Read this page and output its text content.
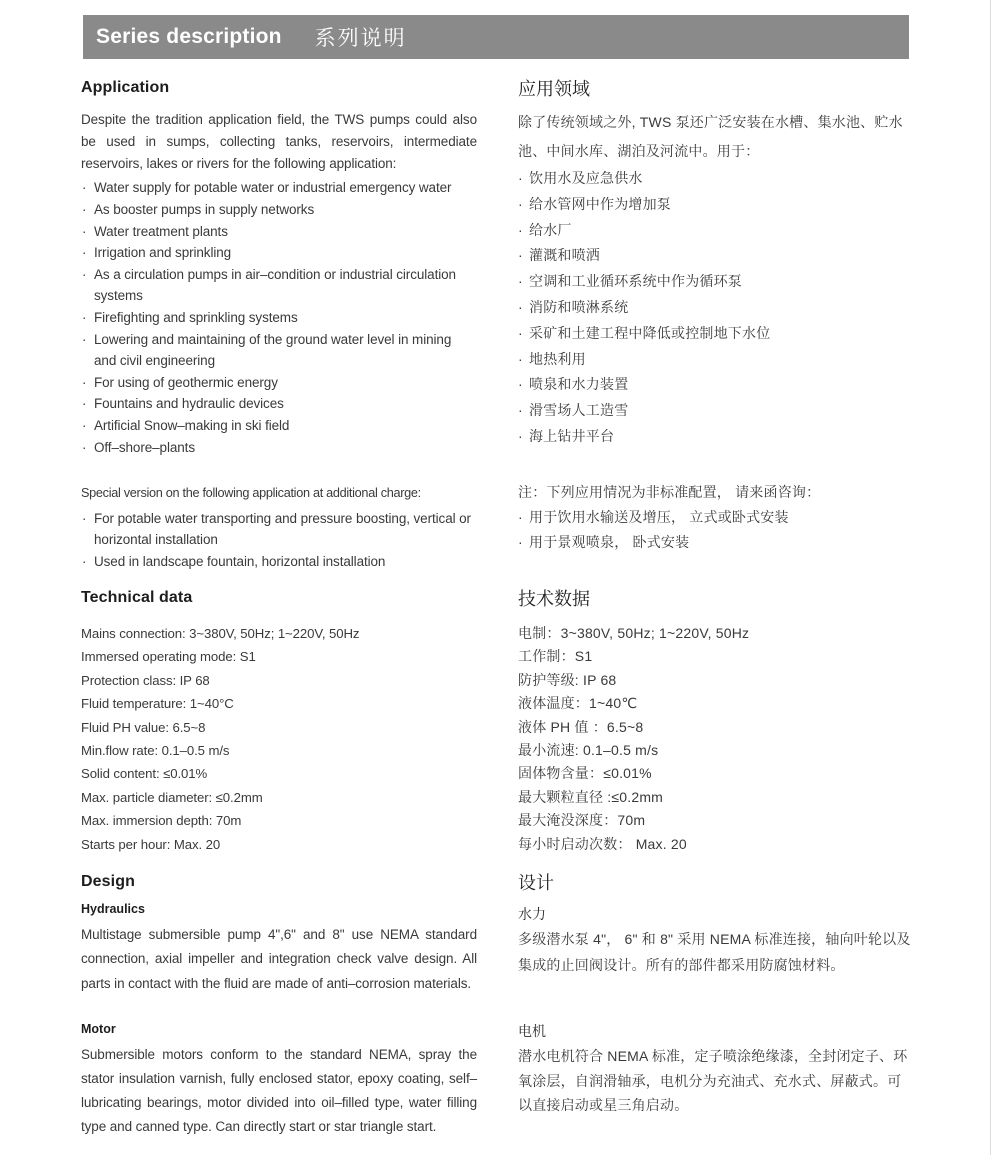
Series description 系列说明
Application

Despite the tradition application field, the TWS pumps could also be used in sumps, collecting tanks, reservoirs, intermediate reservoirs, lakes or rivers for the following application:

· Water supply for potable water or industrial emergency water
· As booster pumps in supply networks
· Water treatment plants
· Irrigation and sprinkling
· As a circulation pumps in air–condition or industrial circulation systems
· Firefighting and sprinkling systems
· Lowering and maintaining of the ground water level in mining and civil engineering
· For using of geothermic energy
· Fountains and hydraulic devices
· Artificial Snow–making in ski field
· Off–shore–plants

Special version on the following application at additional charge:

· For potable water transporting and pressure boosting, vertical or horizontal installation
· Used in landscape fountain, horizontal installation
Technical data
Mains connection: 3~380V, 50Hz; 1~220V, 50Hz
Immersed operating mode: S1
Protection class: IP 68
Fluid temperature: 1~40°C
Fluid PH value: 6.5~8
Min.flow rate: 0.1–0.5 m/s
Solid content: ≤0.01%
Max. particle diameter: ≤0.2mm
Max. immersion depth: 70m
Starts per hour: Max. 20
Design
Hydraulics

Multistage submersible pump 4",6" and 8" use NEMA standard connection, axial impeller and integration check valve design. All parts in contact with the fluid are made of anti–corrosion materials.

Motor

Submersible motors conform to the standard NEMA, spray the stator insulation varnish, fully enclosed stator, epoxy coating, self–lubricating bearings, motor divided into oil–filled type, water filling type and canned type. Can directly start or star triangle start.

应用领域

除了传统领域之外, TWS 泵还广泛安装在水槽、集水池、贮水池、中间水库、湖泊及河流中。用于：

· 饮用水及应急供水
· 给水管网中作为增加泵
· 给水厂
· 灌溉和喷洒
· 空调和工业循环系统中作为循环泵
· 消防和喷淋系统
· 采矿和土建工程中降低或控制地下水位
· 地热利用
· 喷泉和水力装置
· 滑雪场人工造雪
· 海上钻井平台

注：下列应用情况为非标准配置， 请来函咨询：

· 用于饮用水输送及增压， 立式或卧式安装
· 用于景观喷泉， 卧式安装
技术数据
电制：3~380V, 50Hz; 1~220V, 50Hz
工作制：S1
防护等级: IP 68
液体温度：1~40℃
液体 PH 值 ：6.5~8
最小流速: 0.1–0.5 m/s
固体物含量：≤0.01%
最大颗粒直径 :≤0.2mm
最大淹没深度：70m
每小时启动次数： Max. 20
设计
水力

多级潜水泵 4"， 6" 和 8" 采用 NEMA 标准连接，轴向叶轮以及集成的止回阀设计。所有的部件都采用防腐蚀材料。

电机

潜水电机符合 NEMA 标准，定子喷涂绝缘漆，全封闭定子、环氧涂层，自润滑轴承，电机分为充油式、充水式、屏蔽式。可以直接启动或星三角启动。
